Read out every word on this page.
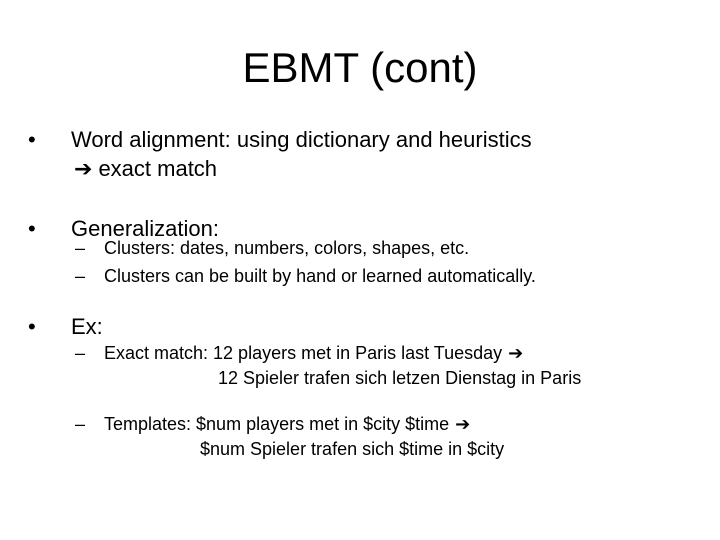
EBMT (cont)
•	Word alignment: using dictionary and heuristics
➔ exact match
•	Generalization:
– Clusters: dates, numbers, colors, shapes, etc.
– Clusters can be built by hand or learned automatically.
•	Ex:
– Exact match: 12 players met in Paris last Tuesday ➔
12 Spieler trafen sich letzen Dienstag in Paris
– Templates: $num players met in $city $time ➔
$num Spieler trafen sich $time in $city
